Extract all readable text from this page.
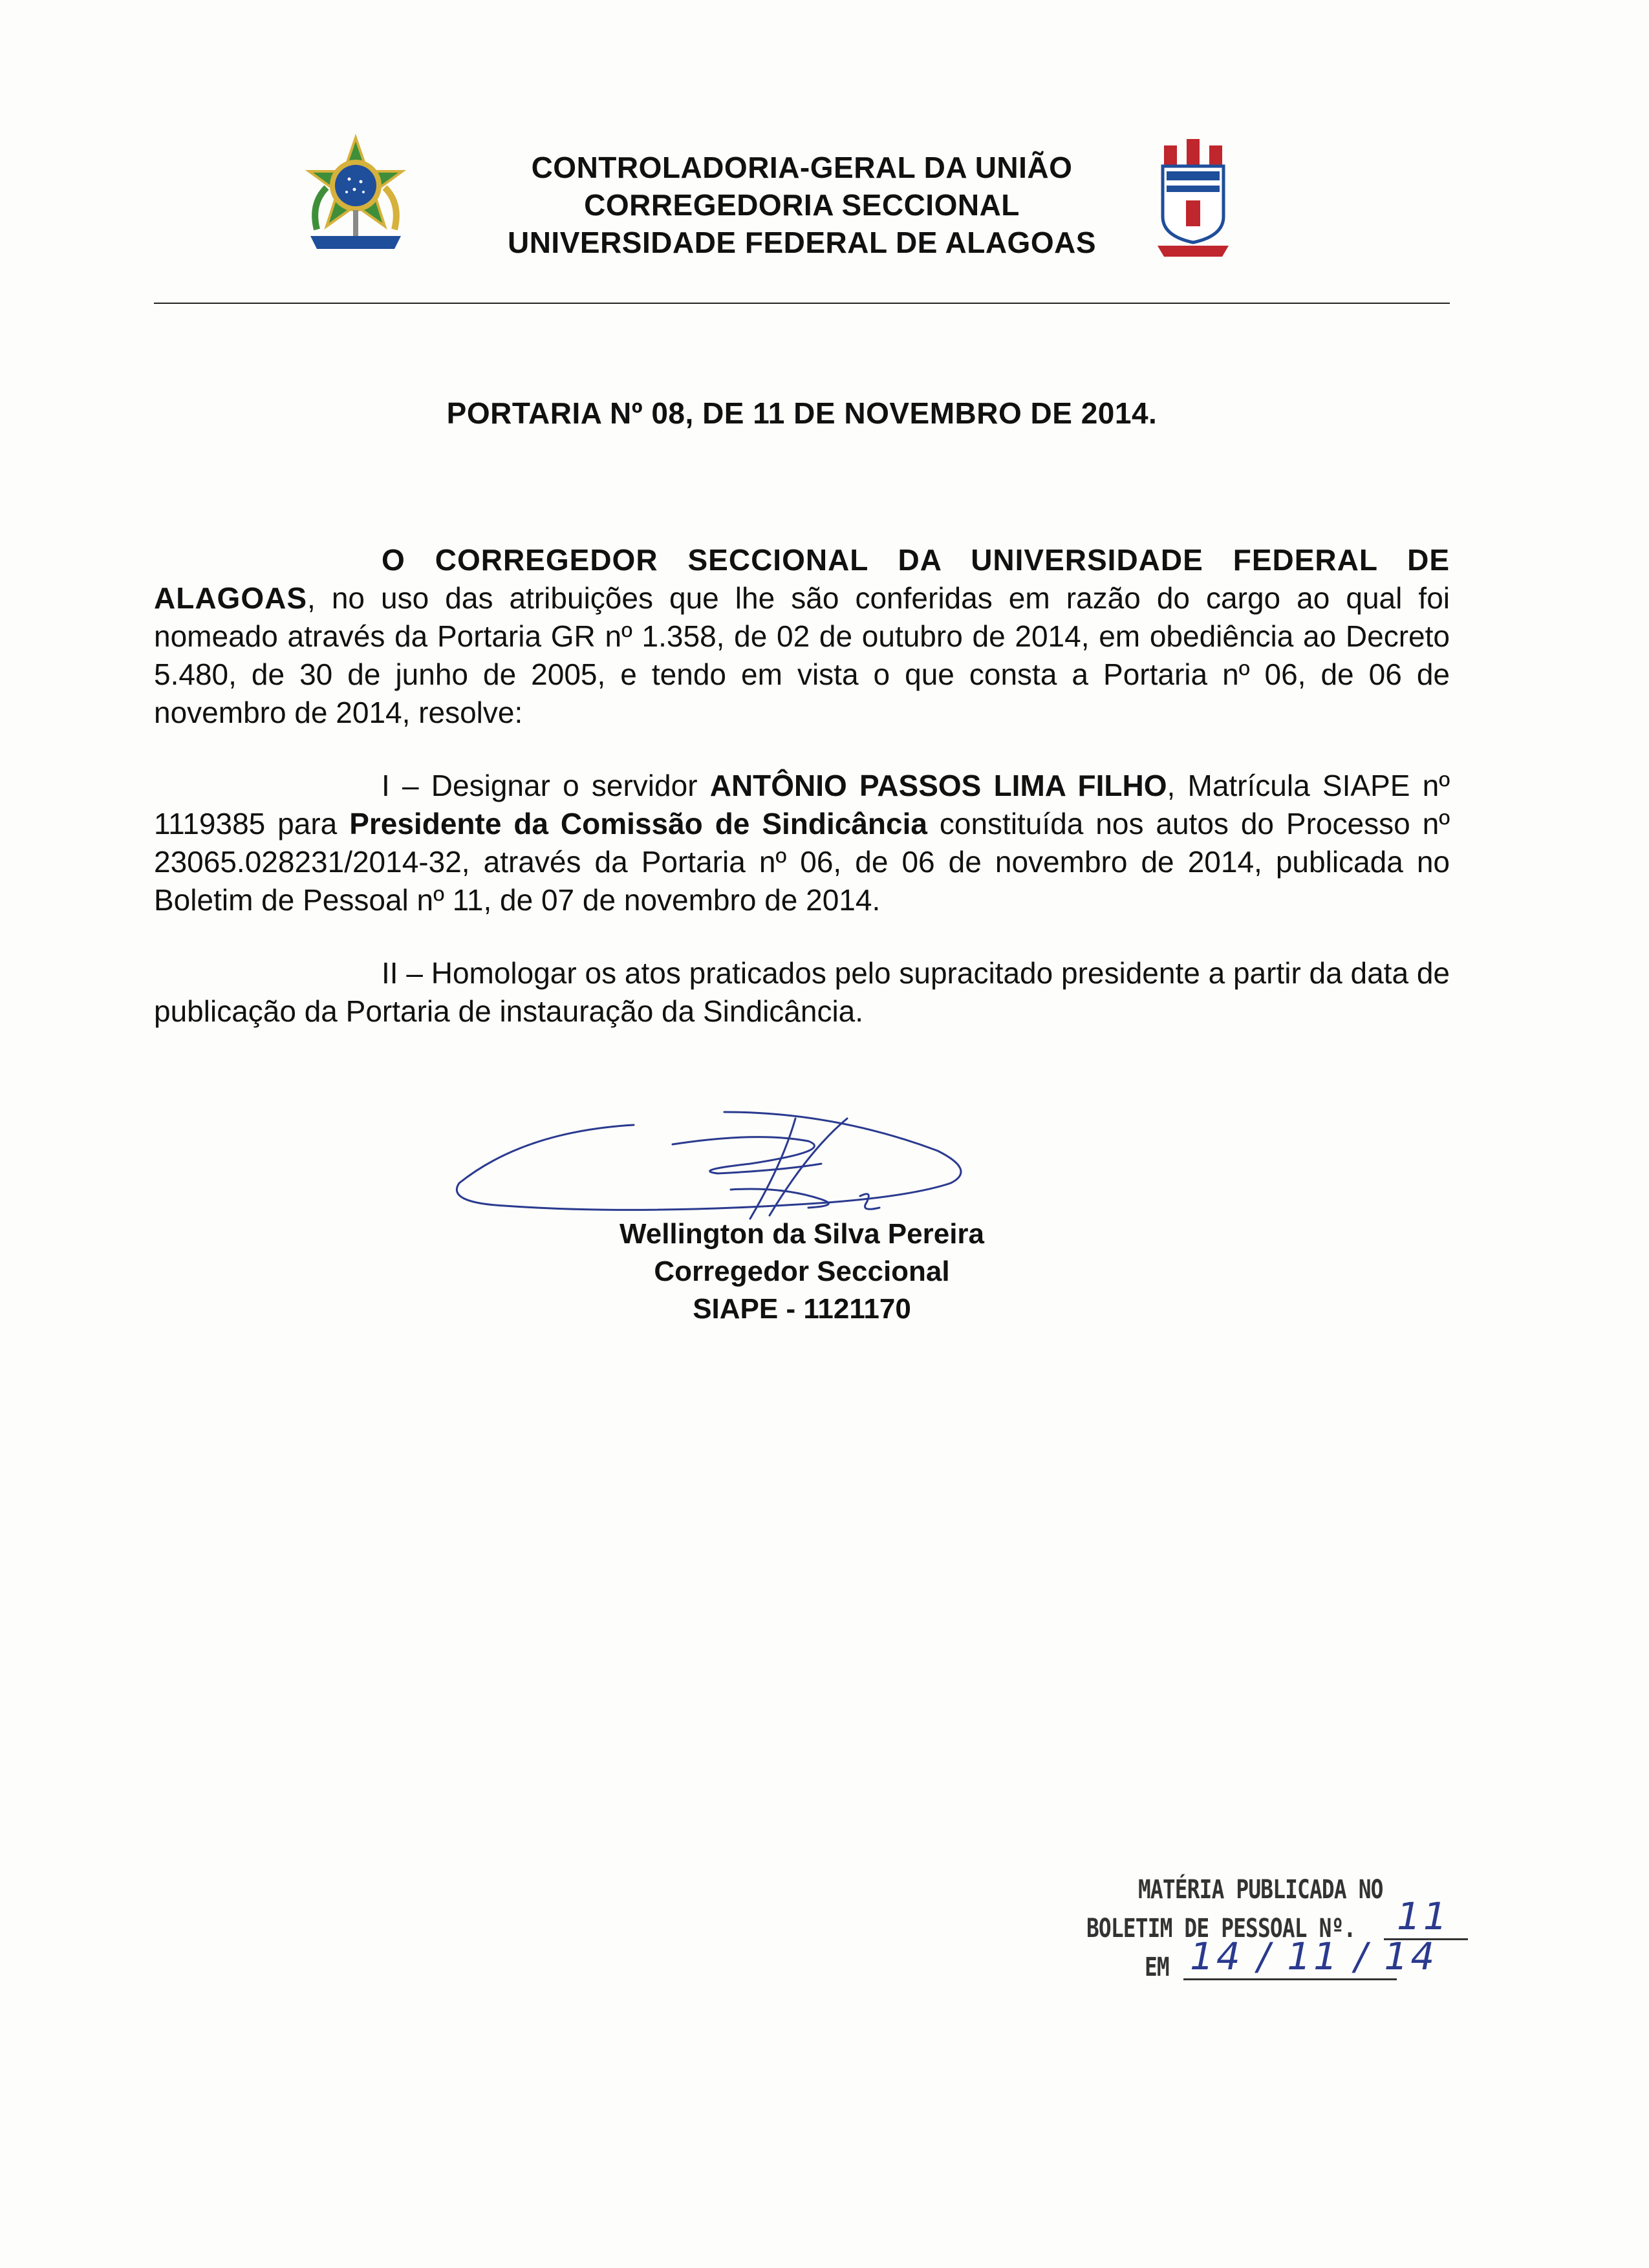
CONTROLADORIA-GERAL DA UNIÃO
CORREGEDORIA SECCIONAL
UNIVERSIDADE FEDERAL DE ALAGOAS
PORTARIA Nº 08, DE 11 DE NOVEMBRO DE 2014.

O CORREGEDOR SECCIONAL DA UNIVERSIDADE FEDERAL DE ALAGOAS, no uso das atribuições que lhe são conferidas em razão do cargo ao qual foi nomeado através da Portaria GR nº 1.358, de 02 de outubro de 2014, em obediência ao Decreto 5.480, de 30 de junho de 2005, e tendo em vista o que consta a Portaria nº 06, de 06 de novembro de 2014, resolve:

I – Designar o servidor ANTÔNIO PASSOS LIMA FILHO, Matrícula SIAPE nº 1119385 para Presidente da Comissão de Sindicância constituída nos autos do Processo nº 23065.028231/2014-32, através da Portaria nº 06, de 06 de novembro de 2014, publicada no Boletim de Pessoal nº 11, de 07 de novembro de 2014.

II – Homologar os atos praticados pelo supracitado presidente a partir da data de publicação da Portaria de instauração da Sindicância.

Wellington da Silva Pereira
Corregedor Seccional
SIAPE - 1121170
MATÉRIA PUBLICADA NO
BOLETIM DE PESSOAL Nº.
EM
11
14 / 11 / 14
